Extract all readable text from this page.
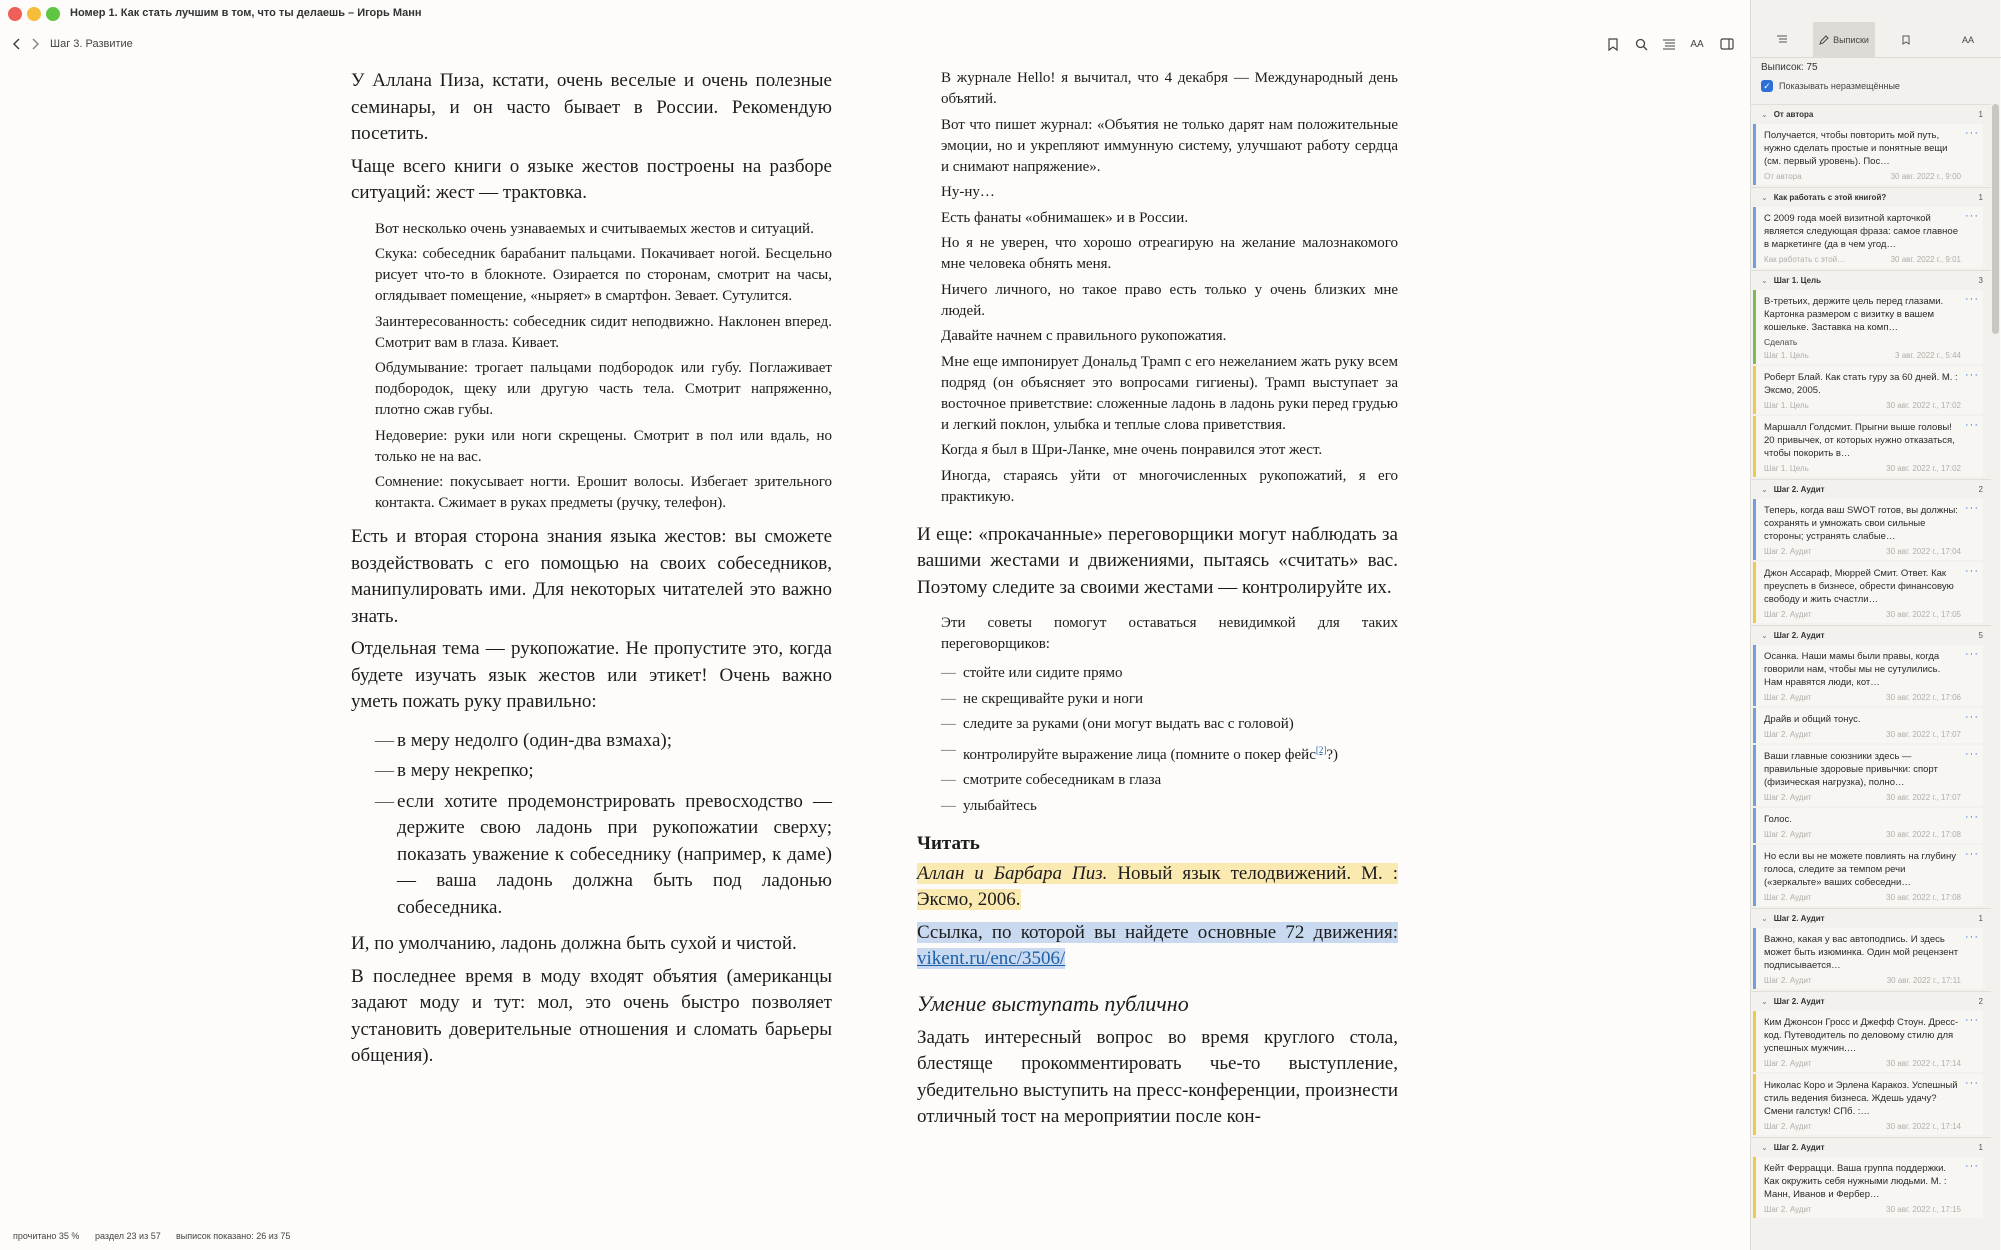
Номер 1. Как стать лучшим в том, что ты делаешь – Игорь Манн
AA
Шаг 3. Развитие

У Аллана Пиза, кстати, очень веселые и очень полезные семинары, и он часто бывает в России. Рекомендую посетить.

Чаще всего книги о языке жестов построены на разборе ситуаций: жест — трактовка.

Вот несколько очень узнаваемых и считываемых жестов и ситуаций.

Скука: собеседник барабанит пальцами. Покачивает ногой. Бесцельно рисует что-то в блокноте. Озирается по сторонам, смотрит на часы, оглядывает помещение, «ныряет» в смартфон. Зевает. Сутулится.

Заинтересованность: собеседник сидит неподвижно. Наклонен вперед. Смотрит вам в глаза. Кивает.

Обдумывание: трогает пальцами подбородок или губу. Поглаживает подбородок, щеку или другую часть тела. Смотрит напряженно, плотно сжав губы.

Недоверие: руки или ноги скрещены. Смотрит в пол или вдаль, но только не на вас.

Сомнение: покусывает ногти. Ерошит волосы. Избегает зрительного контакта. Сжимает в руках предметы (ручку, телефон).

Есть и вторая сторона знания языка жестов: вы сможете воздействовать с его помощью на своих собеседников, манипулировать ими. Для некоторых читателей это важно знать.

Отдельная тема — рукопожатие. Не пропустите это, когда будете изучать язык жестов или этикет! Очень важно уметь пожать руку правильно:

— в меру недолго (один-два взмаха);
— в меру некрепко;
— если хотите продемонстрировать превосходство — держите свою ладонь при рукопожатии сверху; показать уважение к собеседнику (например, к даме) — ваша ладонь должна быть под ладонью собеседника.

И, по умолчанию, ладонь должна быть сухой и чистой.

В последнее время в моду входят объятия (американцы задают моду и тут: мол, это очень быстро позволяет установить доверительные отношения и сломать барьеры общения).

В журнале Hello! я вычитал, что 4 декабря — Международный день объятий.

Вот что пишет журнал: «Объятия не только дарят нам положительные эмоции, но и укрепляют иммунную систему, улучшают работу сердца и снимают напряжение».

Ну-ну…

Есть фанаты «обнимашек» и в России.

Но я не уверен, что хорошо отреагирую на желание малознакомого мне человека обнять меня.

Ничего личного, но такое право есть только у очень близких мне людей.

Давайте начнем с правильного рукопожатия.

Мне еще импонирует Дональд Трамп с его нежеланием жать руку всем подряд (он объясняет это вопросами гигиены). Трамп выступает за восточное приветствие: сложенные ладонь в ладонь руки перед грудью и легкий поклон, улыбка и теплые слова приветствия.

Когда я был в Шри-Ланке, мне очень понравился этот жест.

Иногда, стараясь уйти от многочисленных рукопожатий, я его практикую.

И еще: «прокачанные» переговорщики могут наблюдать за вашими жестами и движениями, пытаясь «считать» вас. Поэтому следите за своими жестами — контролируйте их.

Эти советы помогут оставаться невидимкой для таких переговорщиков:

— стойте или сидите прямо
— не скрещивайте руки и ноги
— следите за руками (они могут выдать вас с головой)
— контролируйте выражение лица (помните о покер фейс[2]?)
— смотрите собеседникам в глаза
— улыбайтесь
Читать

Аллан и Барбара Пиз. Новый язык телодвижений. М. : Эксмо, 2006.

Ссылка, по которой вы найдете основные 72 движения: vikent.ru/enc/3506/

Умение выступать публично

Задать интересный вопрос во время круглого стола, блестяще прокомментировать чье-то выступление, убедительно выступить на пресс-конференции, произнести отличный тост на мероприятии после кон-

прочитано 35 % раздел 23 из 57 выписок показано: 26 из 75
Выписки	AA
Выписок: 75
✓ Показывать неразмещённые
⌄ От автора	1
Получается, чтобы повторить мой путь, нужно сделать простые и понятные вещи (см. первый уровень). Пос…
От автора	30 авг. 2022 г., 9:00
···
⌄ Как работать с этой книгой?	1
С 2009 года моей визитной карточкой является следующая фраза: самое главное в маркетинге (да в чем угод…
Как работать с этой…	30 авг. 2022 г., 9:01
···
⌄ Шаг 1. Цель	3
В-третьих, держите цель перед глазами. Картонка размером с визитку в вашем кошельке. Заставка на комп…
Сделать
Шаг 1. Цель	3 авг. 2022 г., 5:44
···
Роберт Блай. Как стать гуру за 60 дней. М. : Эксмо, 2005.
Шаг 1. Цель	30 авг. 2022 г., 17:02
···
Маршалл Голдсмит. Прыгни выше головы! 20 привычек, от которых нужно отказаться, чтобы покорить в…
Шаг 1. Цель	30 авг. 2022 г., 17:02
···
⌄ Шаг 2. Аудит	2
Теперь, когда ваш SWOT готов, вы должны: сохранять и умножать свои сильные стороны; устранять слабые…
Шаг 2. Аудит	30 авг. 2022 г., 17:04
···
Джон Ассараф, Мюррей Смит. Ответ. Как преуспеть в бизнесе, обрести финансовую свободу и жить счастли…
Шаг 2. Аудит	30 авг. 2022 г., 17:05
···
⌄ Шаг 2. Аудит	5
Осанка. Наши мамы были правы, когда говорили нам, чтобы мы не сутулились. Нам нравятся люди, кот…
Шаг 2. Аудит	30 авг. 2022 г., 17:06
···
Драйв и общий тонус.
Шаг 2. Аудит	30 авг. 2022 г., 17:07
···
Ваши главные союзники здесь — правильные здоровые привычки: спорт (физическая нагрузка), полно…
Шаг 2. Аудит	30 авг. 2022 г., 17:07
···
Голос.
Шаг 2. Аудит	30 авг. 2022 г., 17:08
···
Но если вы не можете повлиять на глубину голоса, следите за темпом речи («зеркальте» ваших собеседни…
Шаг 2. Аудит	30 авг. 2022 г., 17:08
···
⌄ Шаг 2. Аудит	1
Важно, какая у вас автоподпись. И здесь может быть изюминка. Один мой рецензент подписывается…
Шаг 2. Аудит	30 авг. 2022 г., 17:11
···
⌄ Шаг 2. Аудит	2
Ким Джонсон Гросс и Джефф Стоун. Дресс-код. Путеводитель по деловому стилю для успешных мужчин.…
Шаг 2. Аудит	30 авг. 2022 г., 17:14
···
Николас Коро и Эрлена Каракоз. Успешный стиль ведения бизнеса. Ждешь удачу? Смени галстук! СПб. :…
Шаг 2. Аудит	30 авг. 2022 г., 17:14
···
⌄ Шаг 2. Аудит	1
Кейт Феррацци. Ваша группа поддержки. Как окружить себя нужными людьми. М. : Манн, Иванов и Фербер…
Шаг 2. Аудит	30 авг. 2022 г., 17:15
···
